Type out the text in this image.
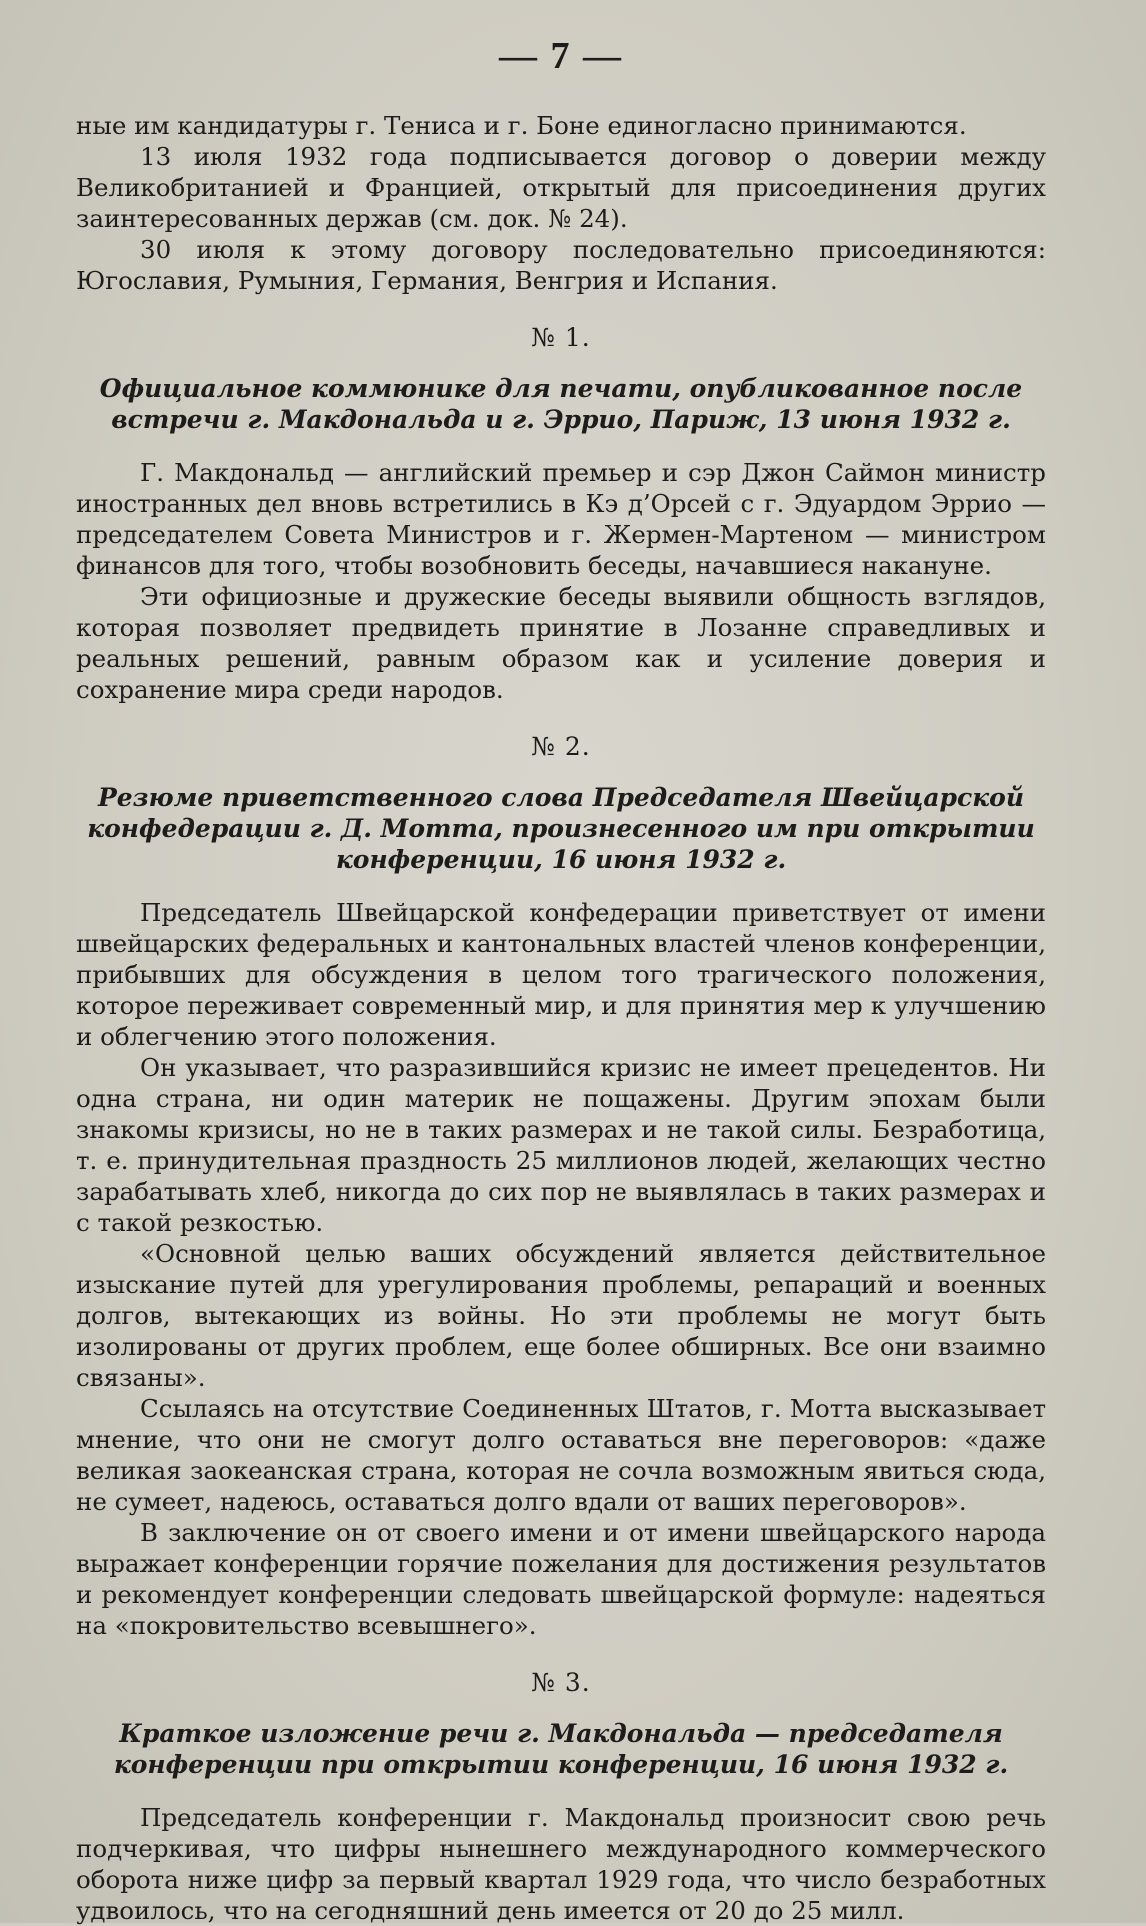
— 7 —

ные им кандидатуры г. Тениса и г. Боне единогласно принимаются.

13 июля 1932 года подписывается договор о доверии между Великобританией и Францией, открытый для присоединения других заинтересованных держав (см. док. № 24).

30 июля к этому договору последовательно присоединяются: Югославия, Румыния, Германия, Венгрия и Испания.

№ 1.
Официальное коммюнике для печати, опубликованное после встречи г. Макдональда и г. Эррио, Париж, 13 июня 1932 г.

Г. Макдональд — английский премьер и сэр Джон Саймон министр иностранных дел вновь встретились в Кэ д’Орсей с г. Эдуардом Эррио — председателем Совета Министров и г. Жермен-Мартеном — министром финансов для того, чтобы возобновить беседы, начавшиеся накануне.

Эти официозные и дружеские беседы выявили общность взглядов, которая позволяет предвидеть принятие в Лозанне справедливых и реальных решений, равным образом как и усиление доверия и сохранение мира среди народов.

№ 2.
Резюме приветственного слова Председателя Швейцарской конфедерации г. Д. Мотта, произнесенного им при открытии конференции, 16 июня 1932 г.

Председатель Швейцарской конфедерации приветствует от имени швейцарских федеральных и кантональных властей членов конференции, прибывших для обсуждения в целом того трагического положения, которое переживает современный мир, и для принятия мер к улучшению и облегчению этого положения.

Он указывает, что разразившийся кризис не имеет прецедентов. Ни одна страна, ни один материк не пощажены. Другим эпохам были знакомы кризисы, но не в таких размерах и не такой силы. Безработица, т. е. принудительная праздность 25 миллионов людей, желающих честно зарабатывать хлеб, никогда до сих пор не выявлялась в таких размерах и с такой резкостью.

«Основной целью ваших обсуждений является действительное изыскание путей для урегулирования проблемы, репараций и военных долгов, вытекающих из войны. Но эти проблемы не могут быть изолированы от других проблем, еще более обширных. Все они взаимно связаны».

Ссылаясь на отсутствие Соединенных Штатов, г. Мотта высказывает мнение, что они не смогут долго оставаться вне переговоров: «даже великая заокеанская страна, которая не сочла возможным явиться сюда, не сумеет, надеюсь, оставаться долго вдали от ваших переговоров».

В заключение он от своего имени и от имени швейцарского народа выражает конференции горячие пожелания для достижения результатов и рекомендует конференции следовать швейцарской формуле: надеяться на «покровительство всевышнего».

№ 3.
Краткое изложение речи г. Макдональда — председателя конференции при открытии конференции, 16 июня 1932 г.

Председатель конференции г. Макдональд произносит свою речь подчеркивая, что цифры нынешнего международного коммерческого оборота ниже цифр за первый квартал 1929 года, что число безработных удвоилось, что на сегодняшний день имеется от 20 до 25 милл.
